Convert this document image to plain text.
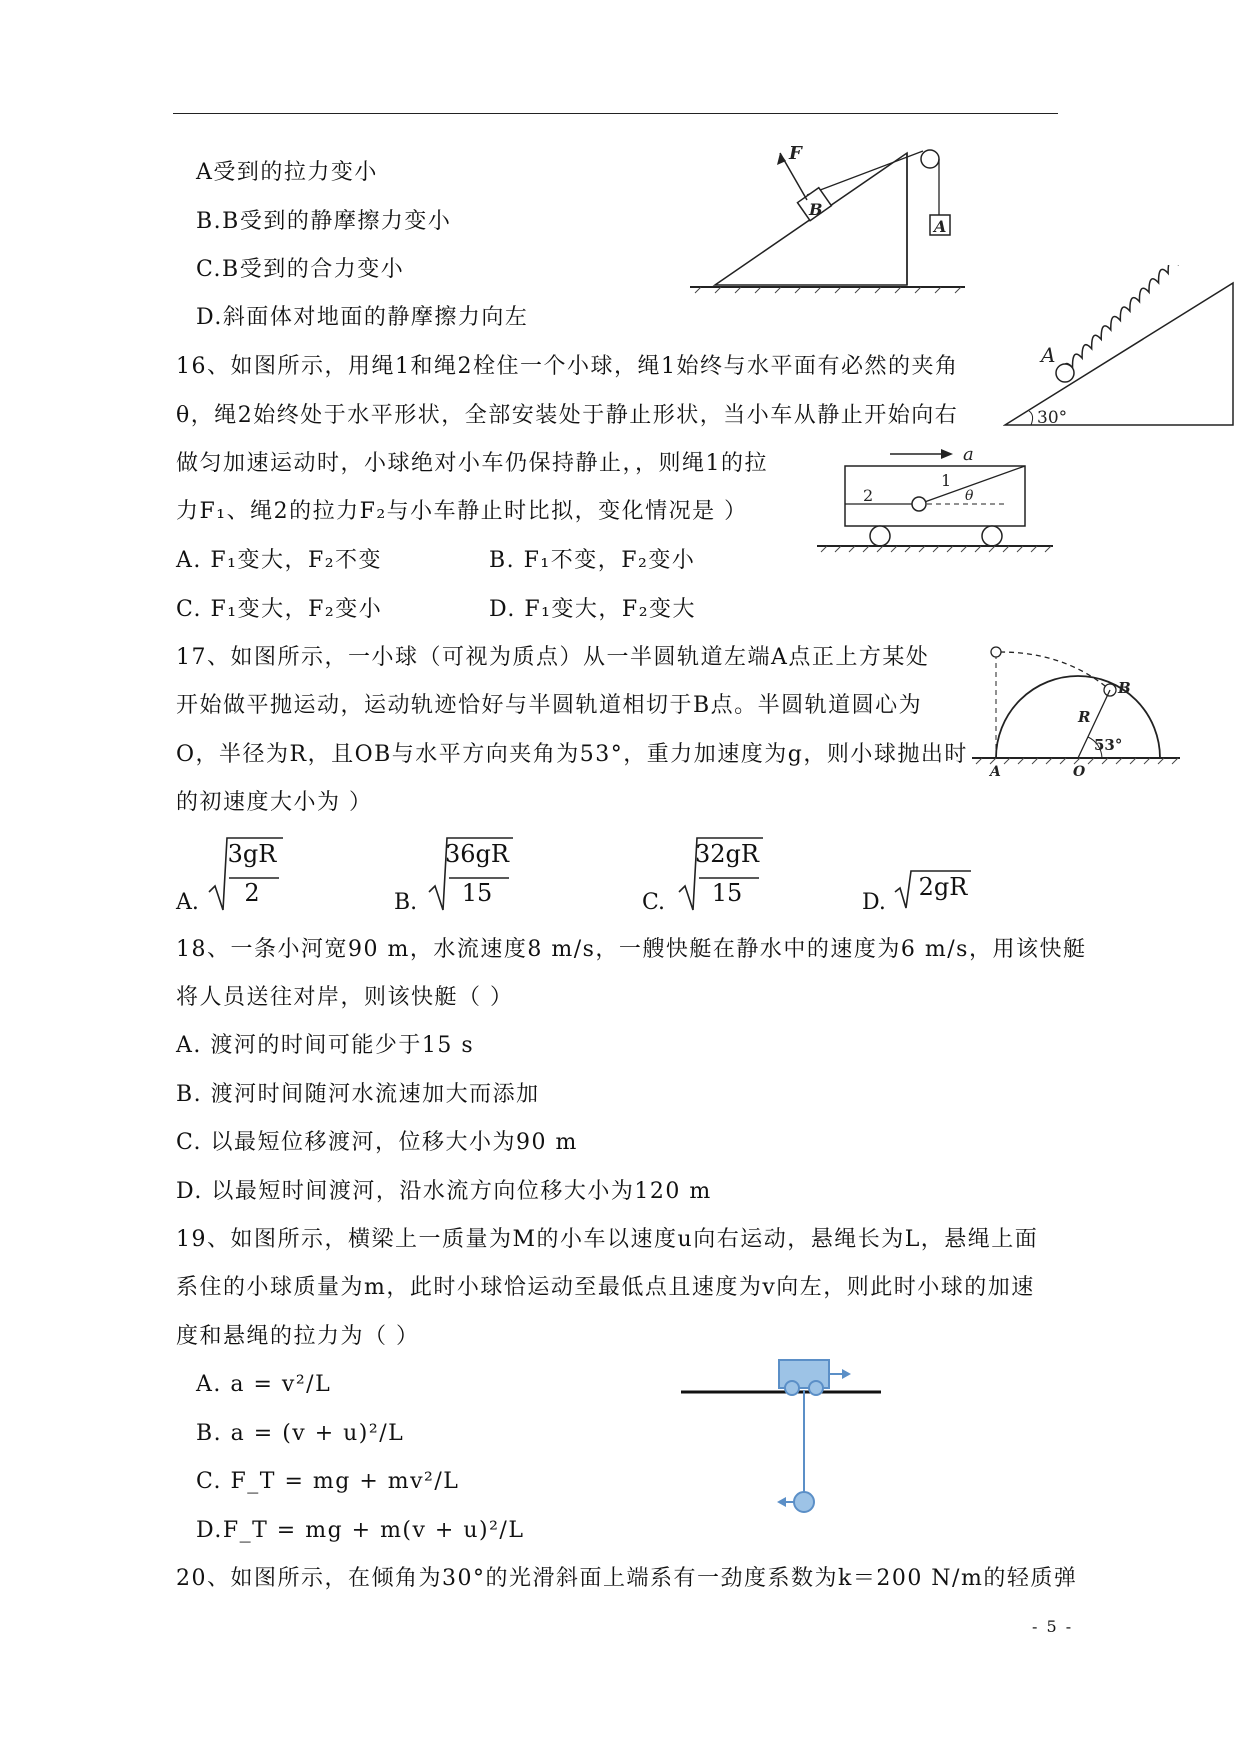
A受到的拉力变小
B.B受到的静摩擦力变小
C.B受到的合力变小
D.斜面体对地面的静摩擦力向左
F
B
A
A
30°
16、如图所示，用绳1和绳2栓住一个小球，绳1始终与水平面有必然的夹角
θ，绳2始终处于水平形状，全部安装处于静止形状，当小车从静止开始向右
做匀加速运动时，小球绝对小车仍保持静止，，则绳1的拉
力F₁、绳2的拉力F₂与小车静止时比拟，变化情况是 ）
a
2
1
θ
A. F₁变大，F₂不变	B. F₁不变，F₂变小
C. F₁变大，F₂变小	D. F₁变大，F₂变大
17、如图所示，一小球（可视为质点）从一半圆轨道左端A点正上方某处
开始做平抛运动，运动轨迹恰好与半圆轨道相切于B点。半圆轨道圆心为
O，半径为R，且OB与水平方向夹角为53°，重力加速度为g，则小球抛出时
的初速度大小为 ）
B
R
53°
A	O
A.
3gR
2	B.
36gR
15	C.
32gR
15	D.
2gR
18、一条小河宽90 m，水流速度8 m/s，一艘快艇在静水中的速度为6 m/s，用该快艇
将人员送往对岸，则该快艇（ ）
A. 渡河的时间可能少于15 s
B. 渡河时间随河水流速加大而添加
C. 以最短位移渡河，位移大小为90 m
D. 以最短时间渡河，沿水流方向位移大小为120 m
19、如图所示，横梁上一质量为M的小车以速度u向右运动，悬绳长为L，悬绳上面
系住的小球质量为m，此时小球恰运动至最低点且速度为v向左，则此时小球的加速
度和悬绳的拉力为（ ）
A. a = v²/L
B. a = (v + u)²/L
C. F_T = mg + mv²/L
D.F_T = mg + m(v + u)²/L
20、如图所示，在倾角为30°的光滑斜面上端系有一劲度系数为k＝200 N/m的轻质弹
- 5 -
